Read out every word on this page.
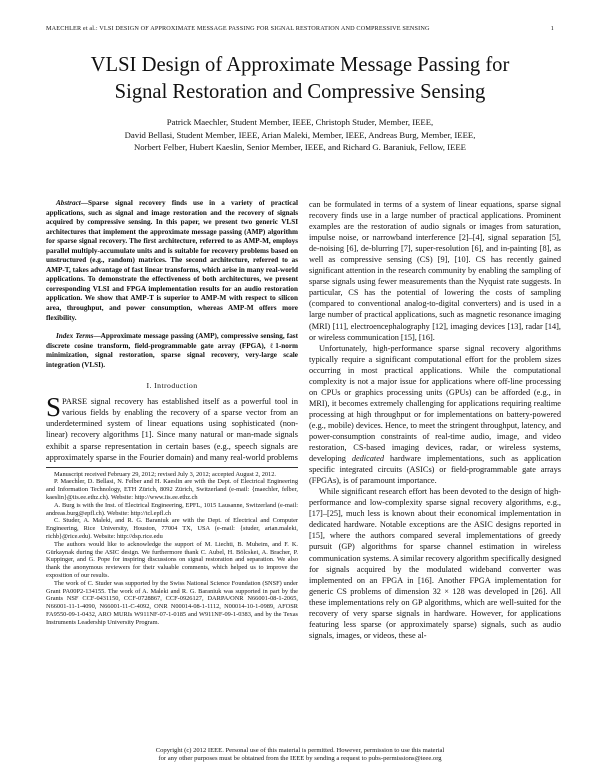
MAECHLER et al.: VLSI DESIGN OF APPROXIMATE MESSAGE PASSING FOR SIGNAL RESTORATION AND COMPRESSIVE SENSING	1
VLSI Design of Approximate Message Passing for
Signal Restoration and Compressive Sensing
Patrick Maechler, Student Member, IEEE, Christoph Studer, Member, IEEE,
David Bellasi, Student Member, IEEE, Arian Maleki, Member, IEEE, Andreas Burg, Member, IEEE,
Norbert Felber, Hubert Kaeslin, Senior Member, IEEE, and Richard G. Baraniuk, Fellow, IEEE

Abstract—Sparse signal recovery finds use in a variety of practical applications, such as signal and image restoration and the recovery of signals acquired by compressive sensing. In this paper, we present two generic VLSI architectures that implement the approximate message passing (AMP) algorithm for sparse signal recovery. The first architecture, referred to as AMP-M, employs parallel multiply-accumulate units and is suitable for recovery problems based on unstructured (e.g., random) matrices. The second architecture, referred to as AMP-T, takes advantage of fast linear transforms, which arise in many real-world applications. To demonstrate the effectiveness of both architectures, we present corresponding VLSI and FPGA implementation results for an audio restoration application. We show that AMP-T is superior to AMP-M with respect to silicon area, throughput, and power consumption, whereas AMP-M offers more flexibility.

Index Terms—Approximate message passing (AMP), compressive sensing, fast discrete cosine transform, field-programmable gate array (FPGA), ℓ1-norm minimization, signal restoration, sparse signal recovery, very-large scale integration (VLSI).

I. Introduction

SPARSE signal recovery has established itself as a powerful tool in various fields by enabling the recovery of a sparse vector from an underdetermined system of linear equations using sophisticated (non-linear) recovery algorithms [1]. Since many natural or man-made signals exhibit a sparse representation in certain bases (e.g., speech signals are approximately sparse in the Fourier domain) and many real-world problems

Manuscript received February 29, 2012; revised July 3, 2012; accepted August 2, 2012.

P. Maechler, D. Bellasi, N. Felber and H. Kaeslin are with the Dept. of Electrical Engineering and Information Technology, ETH Zürich, 8092 Zürich, Switzerland (e-mail: {maechler, felber, kaeslin}@iis.ee.ethz.ch). Website: http://www.iis.ee.ethz.ch

A. Burg is with the Inst. of Electrical Engineering, EPFL, 1015 Lausanne, Switzerland (e-mail: andreas.burg@epfl.ch). Website: http://tcl.epfl.ch

C. Studer, A. Maleki, and R. G. Baraniuk are with the Dept. of Electrical and Computer Engineering, Rice University, Houston, 77004 TX, USA (e-mail: {studer, arian.maleki, richb}@rice.edu). Website: http://dsp.rice.edu

The authors would like to acknowledge the support of M. Liechti, B. Muheim, and F. K. Gürkaynak during the ASIC design. We furthermore thank C. Aubel, H. Bölcskei, A. Bracher, P. Kuppinger, and G. Pope for inspiring discussions on signal restoration and separation. We also thank the anonymous reviewers for their valuable comments, which helped us to improve the exposition of our results.

The work of C. Studer was supported by the Swiss National Science Foundation (SNSF) under Grant PA00P2-134155. The work of A. Maleki and R. G. Baraniuk was supported in part by the Grants NSF CCF-0431150, CCF-0728867, CCF-0926127, DARPA/ONR N66001-08-1-2065, N66001-11-1-4090, N66001-11-C-4092, ONR N00014-08-1-1112, N00014-10-1-0989, AFOSR FA9550-09-1-0432, ARO MURIs W911NF-07-1-0185 and W911NF-09-1-0383, and by the Texas Instruments Leadership University Program.

can be formulated in terms of a system of linear equations, sparse signal recovery finds use in a large number of practical applications. Prominent examples are the restoration of audio signals or images from saturation, impulse noise, or narrowband interference [2]–[4], signal separation [5], de-noising [6], de-blurring [7], super-resolution [6], and in-painting [8], as well as compressive sensing (CS) [9], [10]. CS has recently gained significant attention in the research community by enabling the sampling of sparse signals using fewer measurements than the Nyquist rate suggests. In particular, CS has the potential of lowering the costs of sampling (compared to conventional analog-to-digital converters) and is used in a large number of practical applications, such as magnetic resonance imaging (MRI) [11], electroencephalography [12], imaging devices [13], radar [14], or wireless communication [15], [16].

Unfortunately, high-performance sparse signal recovery algorithms typically require a significant computational effort for the problem sizes occurring in most practical applications. While the computational complexity is not a major issue for applications where off-line processing on CPUs or graphics processing units (GPUs) can be afforded (e.g., in MRI), it becomes extremely challenging for applications requiring realtime processing at high throughput or for implementations on battery-powered (e.g., mobile) devices. Hence, to meet the stringent throughput, latency, and power-consumption constraints of real-time audio, image, and video restoration, CS-based imaging devices, radar, or wireless systems, developing dedicated hardware implementations, such as application specific integrated circuits (ASICs) or field-programmable gate arrays (FPGAs), is of paramount importance.

While significant research effort has been devoted to the design of high-performance and low-complexity sparse signal recovery algorithms, e.g., [17]–[25], much less is known about their economical implementation in dedicated hardware. Notable exceptions are the ASIC designs reported in [15], where the authors compared several implementations of greedy pursuit (GP) algorithms for sparse channel estimation in wireless communication systems. A similar recovery algorithm specifically designed for signals acquired by the modulated wideband converter was implemented on an FPGA in [16]. Another FPGA implementation for generic CS problems of dimension 32 × 128 was developed in [26]. All these implementations rely on GP algorithms, which are well-suited for the recovery of very sparse signals in hardware. However, for applications featuring less sparse (or approximately sparse) signals, such as audio signals, images, or videos, these al-

Copyright (c) 2012 IEEE. Personal use of this material is permitted. However, permission to use this material
for any other purposes must be obtained from the IEEE by sending a request to pubs-permissions@ieee.org
